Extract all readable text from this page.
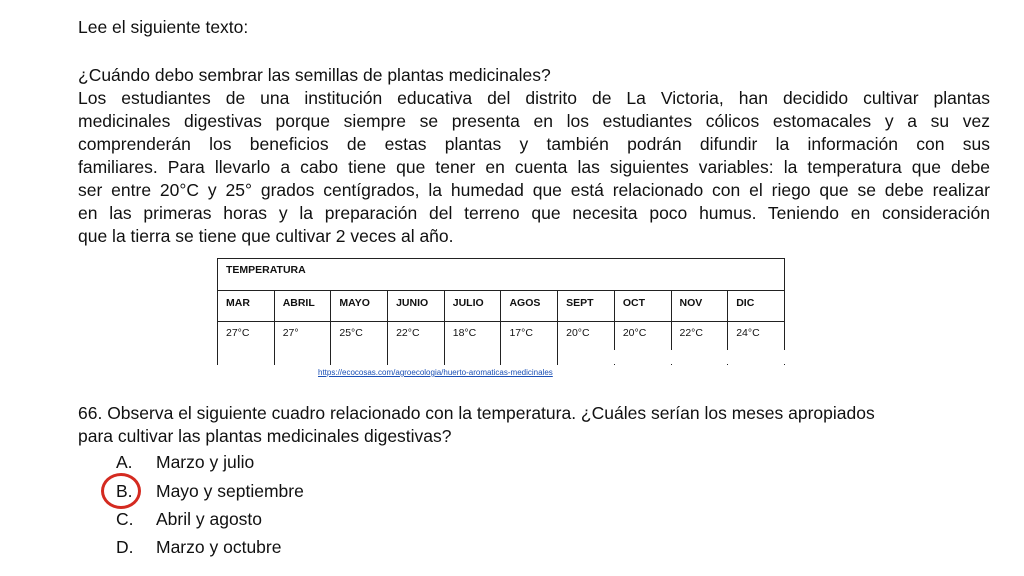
Lee el siguiente texto:
¿Cuándo debo sembrar las semillas de plantas medicinales?
Los estudiantes de una institución educativa del distrito de La Victoria, han decidido cultivar plantas
medicinales digestivas porque siempre se presenta en los estudiantes cólicos estomacales y a su vez
comprenderán los beneficios de estas plantas y también podrán difundir la información con sus
familiares. Para llevarlo a cabo tiene que tener en cuenta las siguientes variables: la temperatura que debe
ser entre 20°C y 25° grados centígrados, la humedad que está relacionado con el riego que se debe realizar
en las primeras horas y la preparación del terreno que necesita poco humus. Teniendo en consideración
que la tierra se tiene que cultivar 2 veces al año.
TEMPERATURA									
MAR	ABRIL	MAYO	JUNIO	JULIO	AGOS	SEPT	OCT	NOV	DIC
27°C	27°	25°C	22°C	18°C	17°C	20°C	20°C	22°C	24°C
https://ecocosas.com/agroecologia/huerto-aromaticas-medicinales
66. Observa el siguiente cuadro relacionado con la temperatura. ¿Cuáles serían los meses apropiados
para cultivar las plantas medicinales digestivas?
A. Marzo y julio
B. Mayo y septiembre
C. Abril y agosto
D. Marzo y octubre
